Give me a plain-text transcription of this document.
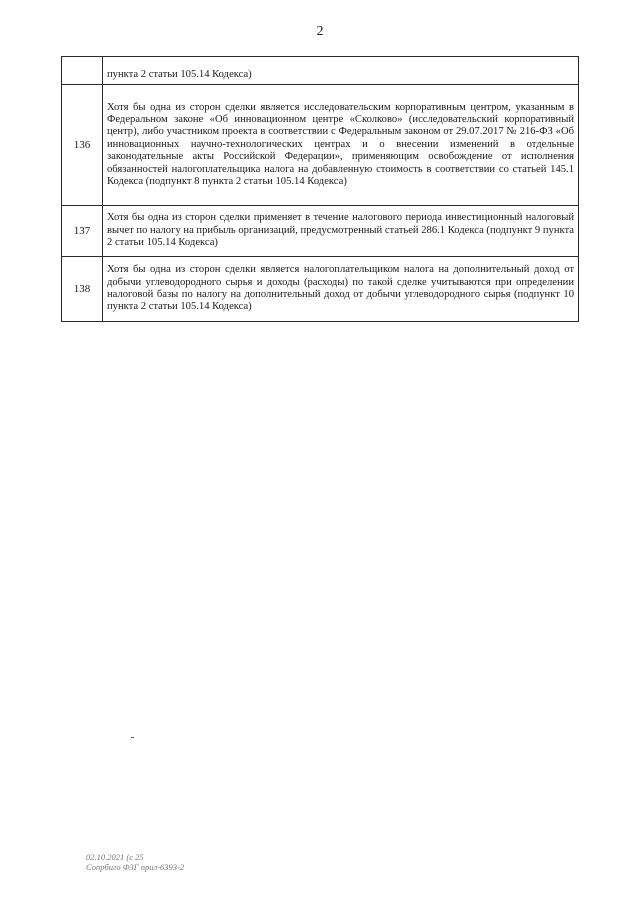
2
	пункта 2 статьи 105.14 Кодекса)
136	Хотя бы одна из сторон сделки является исследовательским корпоративным центром, указанным в Федеральном законе «Об инновационном центре «Сколково» (исследовательский корпоративный центр), либо участником проекта в соответствии с Федеральным законом от 29.07.2017 № 216-ФЗ «Об инновационных научно-технологических центрах и о внесении изменений в отдельные законодательные акты Российской Федерации», применяющим освобождение от исполнения обязанностей налогоплательщика налога на добавленную стоимость в соответствии со статьей 145.1 Кодекса (подпункт 8 пункта 2 статьи 105.14 Кодекса)
137	Хотя бы одна из сторон сделки применяет в течение налогового периода инвестиционный налоговый вычет по налогу на прибыль организаций, предусмотренный статьей 286.1 Кодекса (подпункт 9 пункта 2 статьи 105.14 Кодекса)
138	Хотя бы одна из сторон сделки является налогоплательщиком налога на дополнительный доход от добычи углеводородного сырья и доходы (расходы) по такой сделке учитываются при определении налоговой базы по налогу на дополнительный доход от добычи углеводородного сырья (подпункт 10 пункта 2 статьи 105.14 Кодекса)
02.10.2021 (с 25
Сопрбиго Ф3Г прил-6393-2
